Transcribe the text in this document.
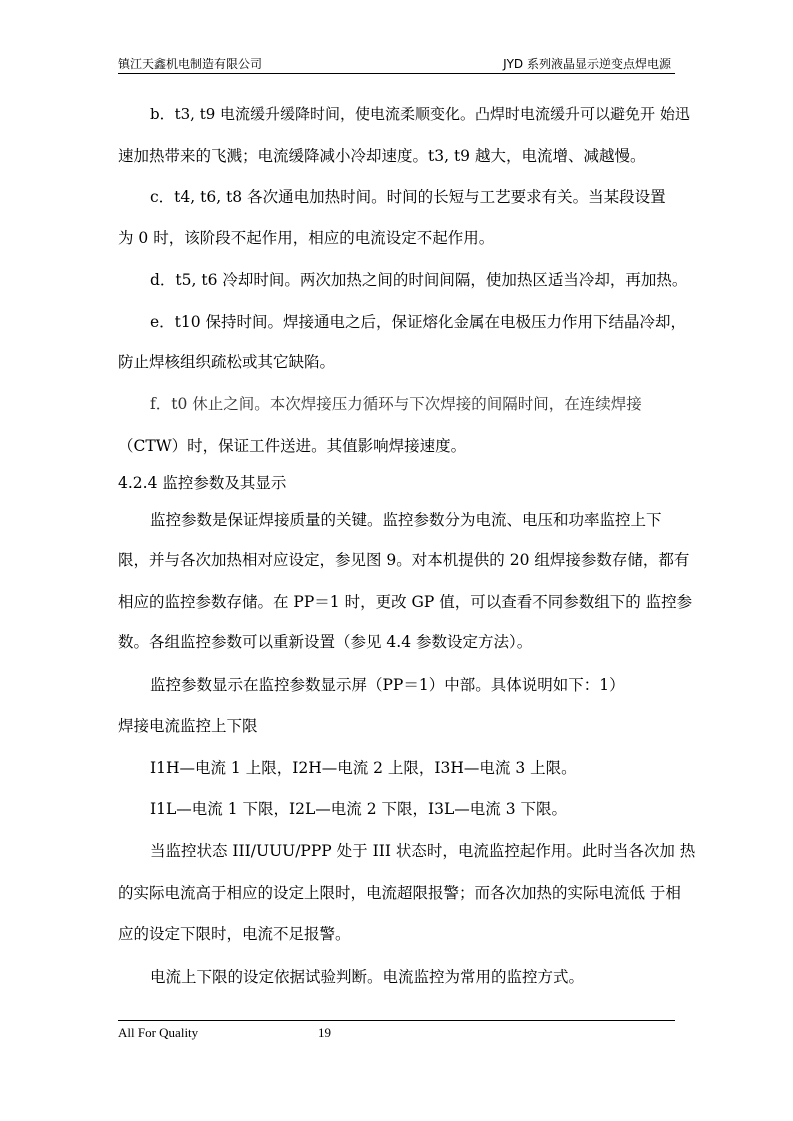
镇江天鑫机电制造有限公司	JYD 系列液晶显示逆变点焊电源
b．t3, t9 电流缓升缓降时间，使电流柔顺变化。凸焊时电流缓升可以避免开 始迅
速加热带来的飞溅；电流缓降减小冷却速度。t3, t9 越大，电流增、减越慢。
c．t4, t6, t8 各次通电加热时间。时间的长短与工艺要求有关。当某段设置
为 0 时，该阶段不起作用，相应的电流设定不起作用。
d．t5, t6 冷却时间。两次加热之间的时间间隔，使加热区适当冷却，再加热。
e．t10 保持时间。焊接通电之后，保证熔化金属在电极压力作用下结晶冷却，
防止焊核组织疏松或其它缺陷。
f．t0 休止之间。本次焊接压力循环与下次焊接的间隔时间，在连续焊接
（CTW）时，保证工件送进。其值影响焊接速度。
4.2.4 监控参数及其显示
监控参数是保证焊接质量的关键。监控参数分为电流、电压和功率监控上下
限，并与各次加热相对应设定，参见图 9。对本机提供的 20 组焊接参数存储，都有
相应的监控参数存储。在 PP＝1 时，更改 GP 值，可以查看不同参数组下的 监控参
数。各组监控参数可以重新设置（参见 4.4 参数设定方法）。
监控参数显示在监控参数显示屏（PP＝1）中部。具体说明如下：1）
焊接电流监控上下限
I1H—电流 1 上限，I2H—电流 2 上限，I3H—电流 3 上限。
I1L—电流 1 下限，I2L—电流 2 下限，I3L—电流 3 下限。
当监控状态 III/UUU/PPP 处于 III 状态时，电流监控起作用。此时当各次加 热
的实际电流高于相应的设定上限时，电流超限报警；而各次加热的实际电流低 于相
应的设定下限时，电流不足报警。
电流上下限的设定依据试验判断。电流监控为常用的监控方式。
All For Quality	19
